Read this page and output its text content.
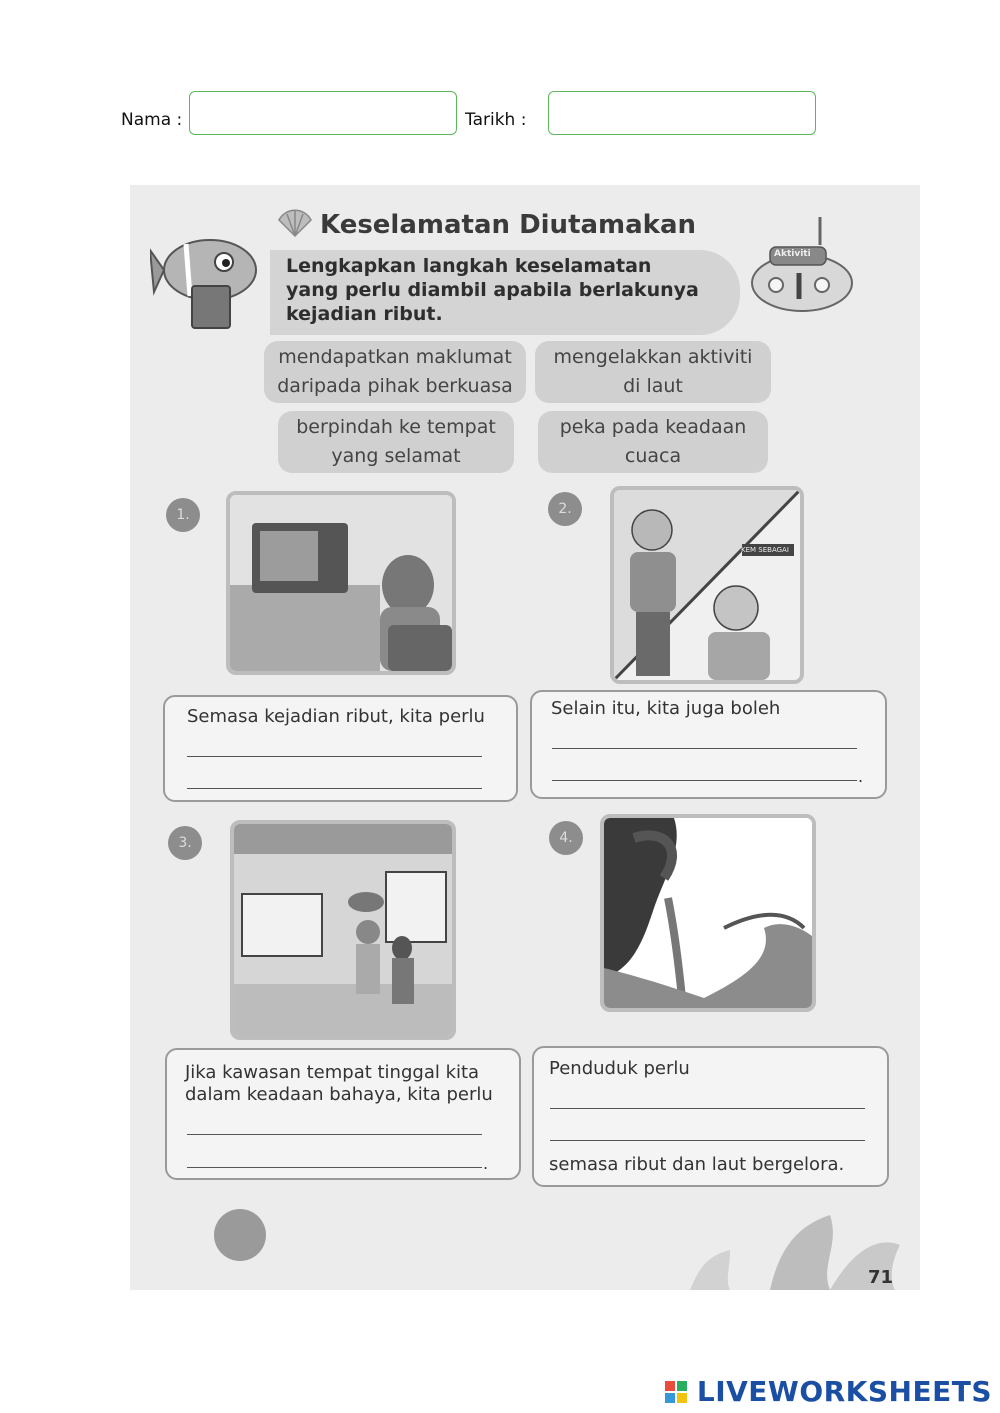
Nama :	Tarikh :
Keselamatan Diutamakan
Lengkapkan langkah keselamatan
yang perlu diambil apabila berlakunya
kejadian ribut.
Aktiviti
mendapatkan maklumat
daripada pihak berkuasa
mengelakkan aktiviti
di laut
berpindah ke tempat
yang selamat
peka pada keadaan
cuaca
1.
Semasa kejadian ribut, kita perlu
2.
KEM SEBAGAI
Selain itu, kita juga boleh
.
3.
Jika kawasan tempat tinggal kita
dalam keadaan bahaya, kita perlu
.
4.
Penduduk perlu
semasa ribut dan laut bergelora.
71
LIVEWORKSHEETS
